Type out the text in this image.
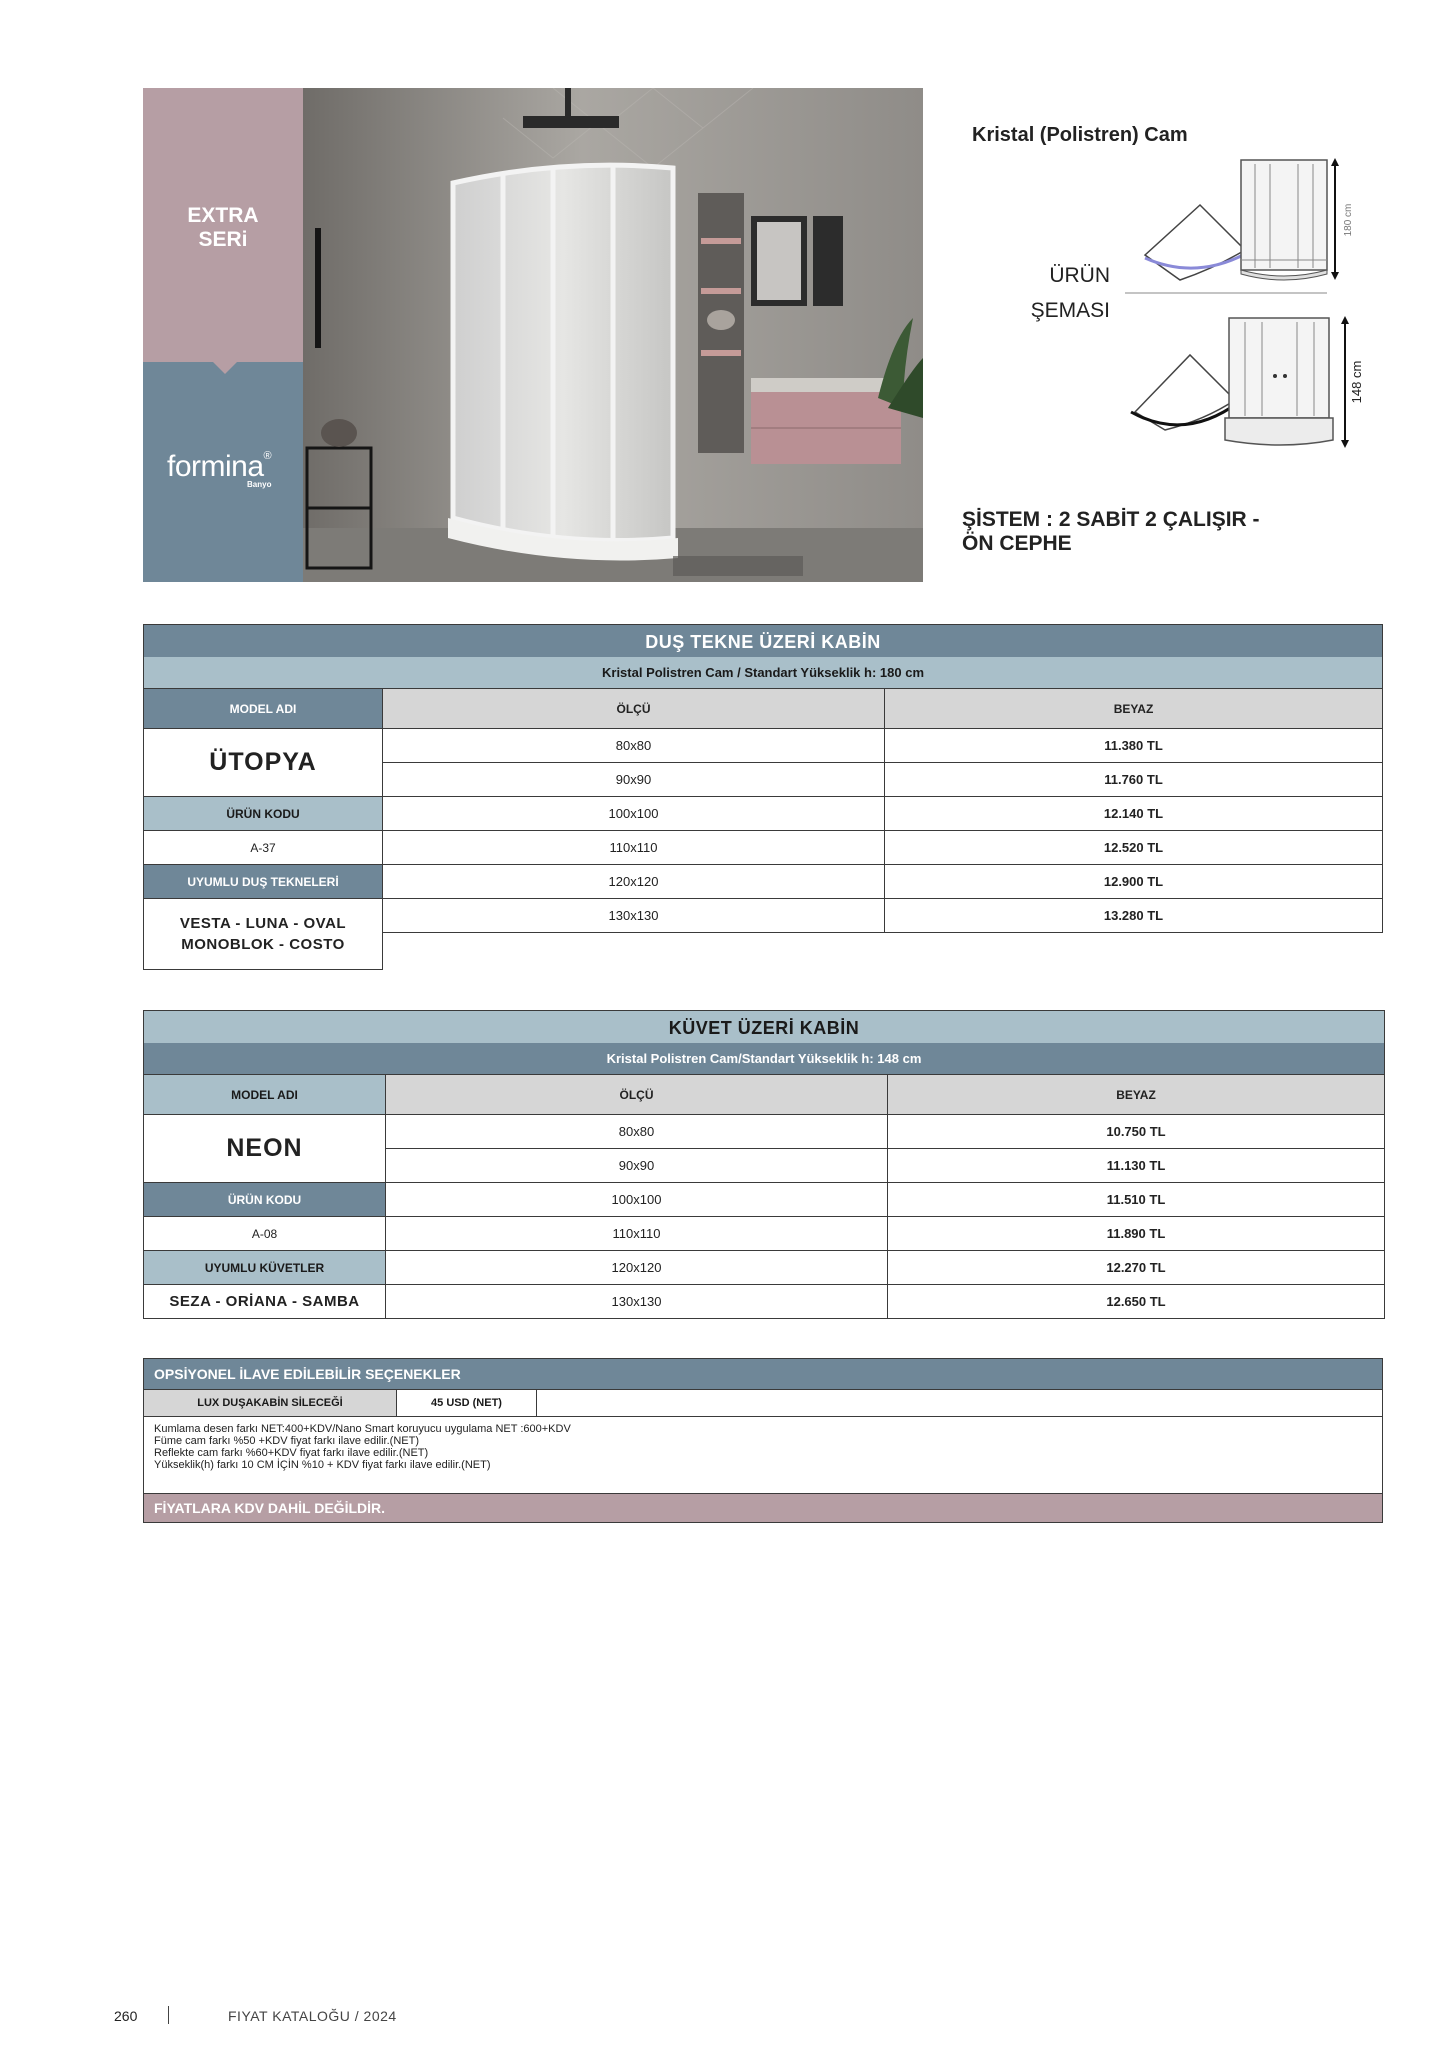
EXTRA
SERi
formina®
Banyo
Kristal (Polistren) Cam
ÜRÜN
ŞEMASI
180 cm
148 cm
ŞİSTEM : 2 SABİT 2 ÇALIŞIR -
ÖN CEPHE
DUŞ TEKNE ÜZERİ KABİN
Kristal Polistren Cam / Standart Yükseklik h: 180 cm
MODEL ADI	ÖLÇÜ	BEYAZ
ÜTOPYA
ÜRÜN KODU
A-37
UYUMLU DUŞ TEKNELERİ
VESTA - LUNA - OVAL
MONOBLOK - COSTO
80x80	11.380 TL
90x90	11.760 TL
100x100	12.140 TL
110x110	12.520 TL
120x120	12.900 TL
130x130	13.280 TL
KÜVET ÜZERİ KABİN
Kristal Polistren Cam/Standart Yükseklik h: 148 cm
MODEL ADI	ÖLÇÜ	BEYAZ
NEON
ÜRÜN KODU
A-08
UYUMLU KÜVETLER
SEZA - ORİANA - SAMBA
80x80	10.750 TL
90x90	11.130 TL
100x100	11.510 TL
110x110	11.890 TL
120x120	12.270 TL
130x130	12.650 TL
OPSİYONEL İLAVE EDİLEBİLİR SEÇENEKLER
LUX DUŞAKABİN SİLECEĞİ	45 USD (NET)
Kumlama desen farkı NET:400+KDV/Nano Smart koruyucu uygulama NET :600+KDV
Füme cam farkı %50 +KDV fiyat farkı ilave edilir.(NET)
Reflekte cam farkı %60+KDV fiyat farkı ilave edilir.(NET)
Yükseklik(h) farkı 10 CM İÇİN %10 + KDV fiyat farkı ilave edilir.(NET)
FİYATLARA KDV DAHİL DEĞİLDİR.
260	FIYAT KATALOĞU / 2024
